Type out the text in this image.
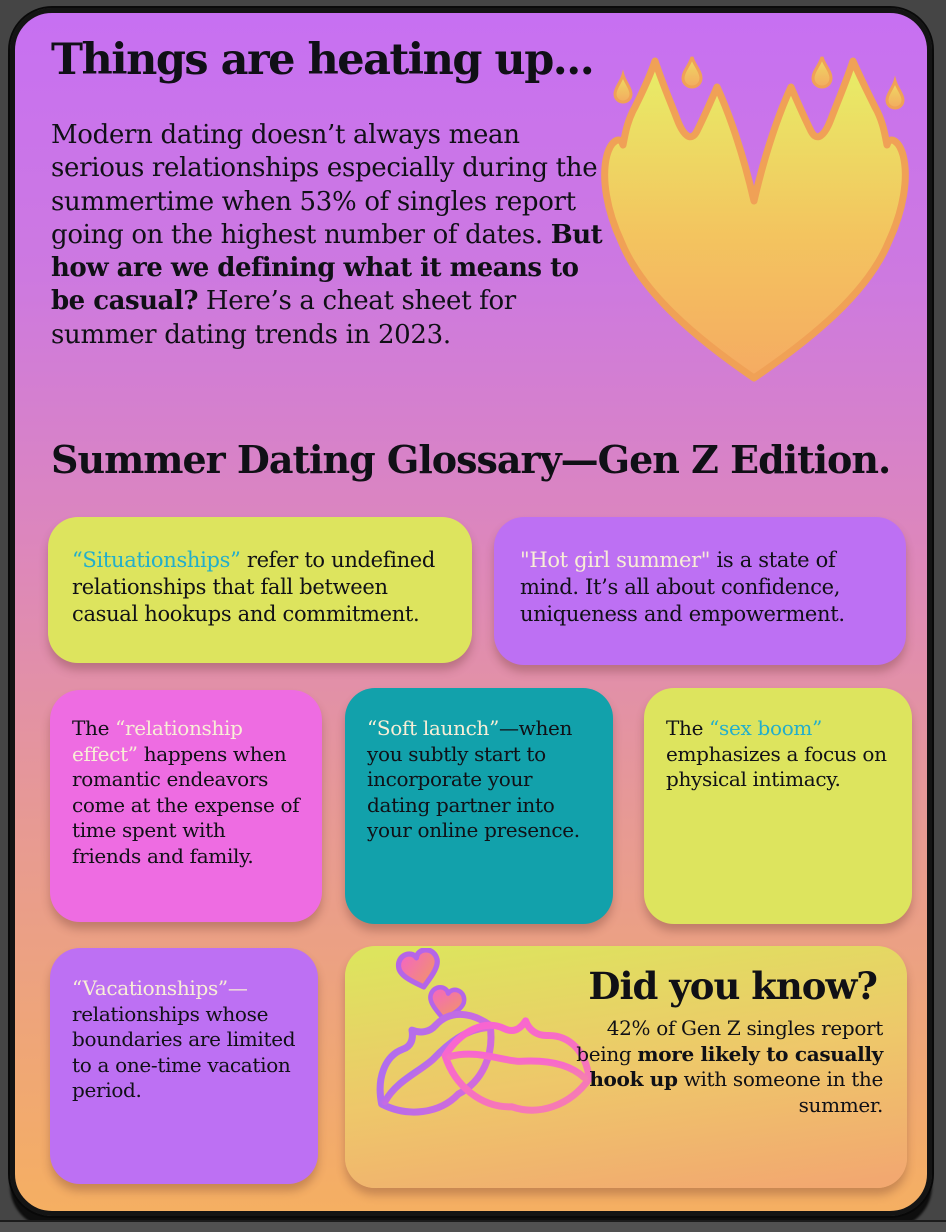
Things are heating up...

Modern dating doesn’t always mean serious relationships especially during the summertime when 53% of singles report going on the highest number of dates. But how are we defining what it means to be casual? Here’s a cheat sheet for summer dating trends in 2023.

Summer Dating Glossary—Gen Z Edition.

“Situationships” refer to undefined relationships that fall between casual hookups and commitment.

"Hot girl summer" is a state of mind. It’s all about confidence, uniqueness and empowerment.

The “relationship effect” happens when romantic endeavors come at the expense of time spent with friends and family.

“Soft launch”—when you subtly start to incorporate your dating partner into your online presence.

The “sex boom” emphasizes a focus on physical intimacy.

“Vacationships”—relationships whose boundaries are limited to a one-time vacation period.

Did you know?

42% of Gen Z singles report being more likely to casually hook up with someone in the summer.
